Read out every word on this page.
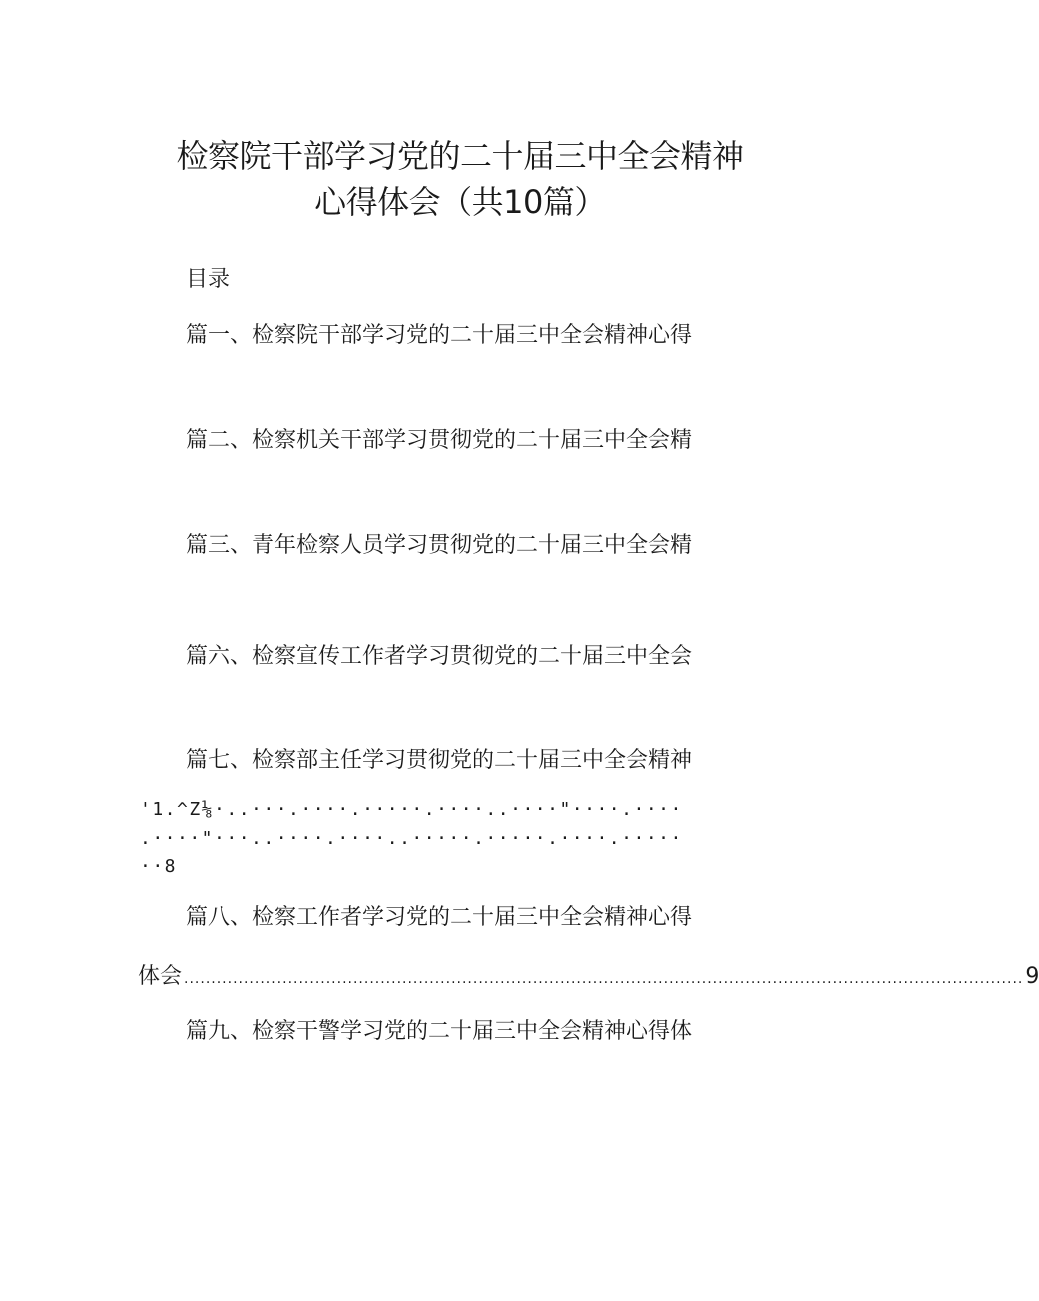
检察院干部学习党的二十届三中全会精神
心得体会（共10篇）
目录
篇一、检察院干部学习党的二十届三中全会精神心得
篇二、检察机关干部学习贯彻党的二十届三中全会精
篇三、青年检察人员学习贯彻党的二十届三中全会精
篇六、检察宣传工作者学习贯彻党的二十届三中全会
篇七、检察部主任学习贯彻党的二十届三中全会精神
'1.^Z⅛·..···.····.·····.····..····"····.····
.····"···..····.····..·····.·····.····.·····
··8
篇八、检察工作者学习党的二十届三中全会精神心得
体会 .......................................................................................................................................................... 9
篇九、检察干警学习党的二十届三中全会精神心得体
